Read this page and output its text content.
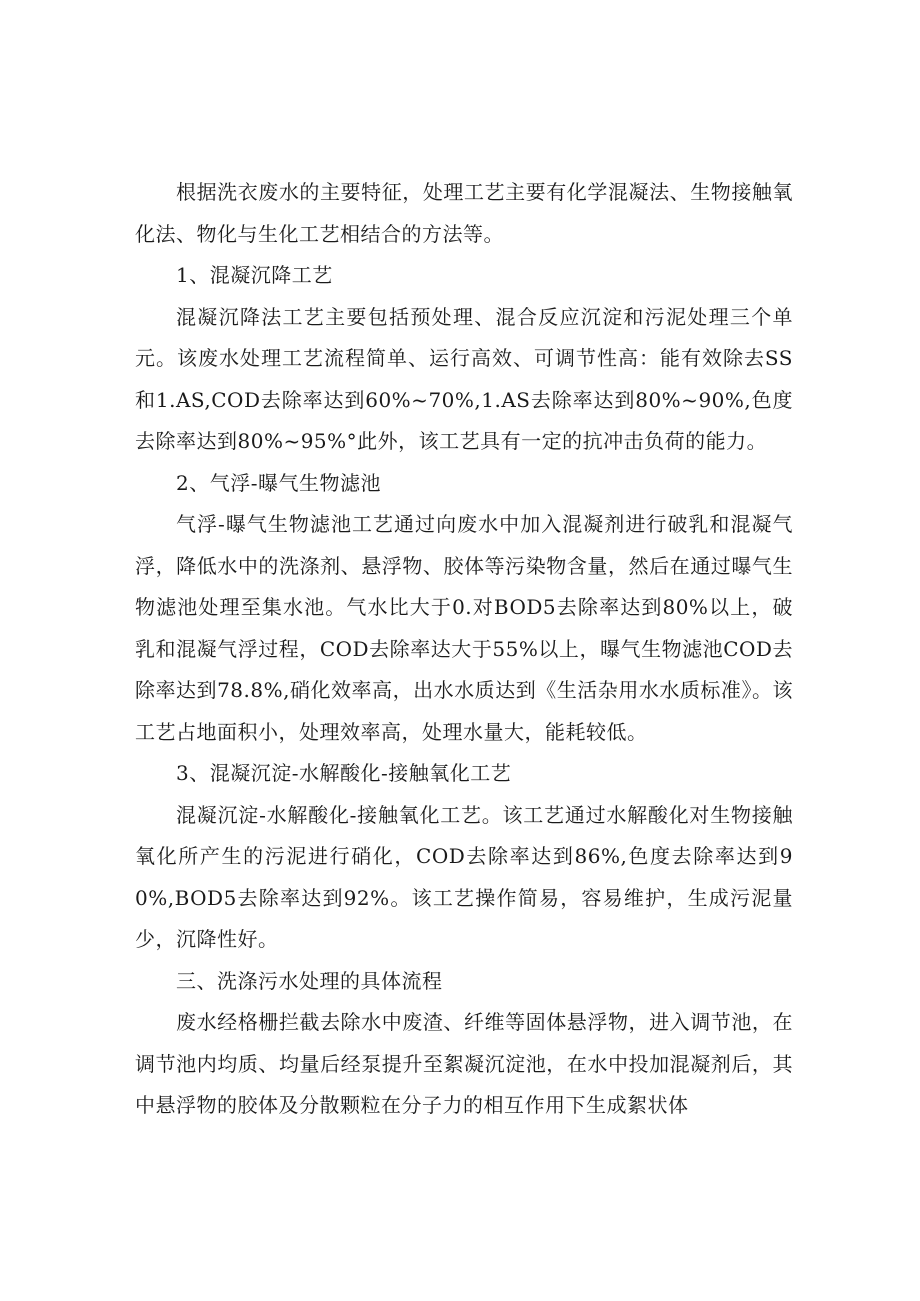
根据洗衣废水的主要特征，处理工艺主要有化学混凝法、生物接触氧化法、物化与生化工艺相结合的方法等。

1、混凝沉降工艺

混凝沉降法工艺主要包括预处理、混合反应沉淀和污泥处理三个单元。该废水处理工艺流程简单、运行高效、可调节性高：能有效除去SS和1.AS,COD去除率达到60%~70%,1.AS去除率达到80%~90%,色度去除率达到80%~95%°此外，该工艺具有一定的抗冲击负荷的能力。

2、气浮-曝气生物滤池

气浮-曝气生物滤池工艺通过向废水中加入混凝剂进行破乳和混凝气浮，降低水中的洗涤剂、悬浮物、胶体等污染物含量，然后在通过曝气生物滤池处理至集水池。气水比大于0.对BOD5去除率达到80%以上，破乳和混凝气浮过程，COD去除率达大于55%以上，曝气生物滤池COD去除率达到78.8%,硝化效率高，出水水质达到《生活杂用水水质标准》。该工艺占地面积小，处理效率高，处理水量大，能耗较低。

3、混凝沉淀-水解酸化-接触氧化工艺

混凝沉淀-水解酸化-接触氧化工艺。该工艺通过水解酸化对生物接触氧化所产生的污泥进行硝化，COD去除率达到86%,色度去除率达到90%,BOD5去除率达到92%。该工艺操作简易，容易维护，生成污泥量少，沉降性好。

三、洗涤污水处理的具体流程

废水经格栅拦截去除水中废渣、纤维等固体悬浮物，进入调节池，在调节池内均质、均量后经泵提升至絮凝沉淀池，在水中投加混凝剂后，其中悬浮物的胶体及分散颗粒在分子力的相互作用下生成絮状体
